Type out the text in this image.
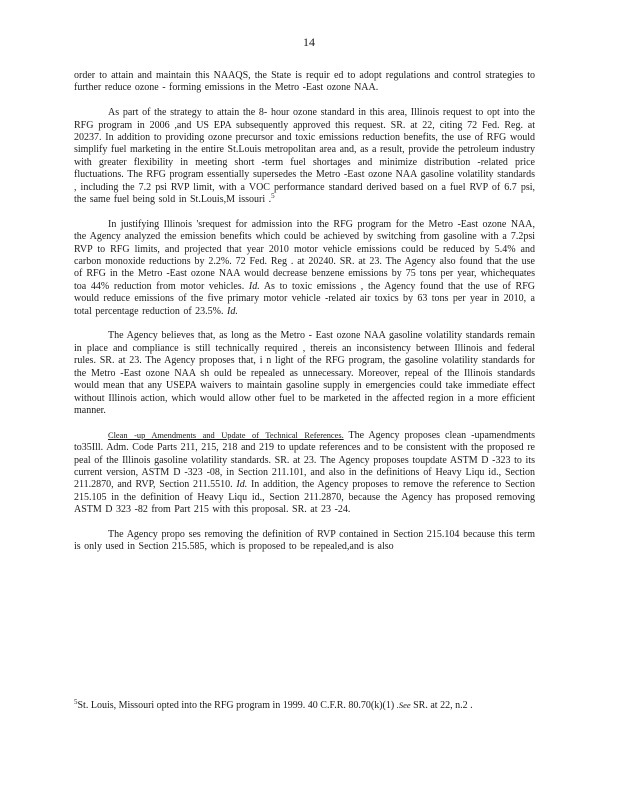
14

order to attain and maintain this NAAQS, the State is requir ed to adopt regulations and control strategies to further reduce ozone - forming emissions in the Metro -East ozone NAA.

As part of the strategy to attain the 8- hour ozone standard in this area, Illinois request to opt into the RFG program in 2006 ,and US EPA subsequently approved this request. SR. at 22, citing 72 Fed. Reg. at 20237. In addition to providing ozone precursor and toxic emissions reduction benefits, the use of RFG would simplify fuel marketing in the entire St.Louis metropolitan area and, as a result, provide the petroleum industry with greater flexibility in meeting short -term fuel shortages and minimize distribution -related price fluctuations. The RFG program essentially supersedes the Metro -East ozone NAA gasoline volatility standards , including the 7.2 psi RVP limit, with a VOC performance standard derived based on a fuel RVP of 6.7 psi, the same fuel being sold in St.Louis,M issouri .$^5$

In justifying Illinois 'srequest for admission into the RFG program for the Metro -East ozone NAA, the Agency analyzed the emission benefits which could be achieved by switching from gasoline with a 7.2psi RVP to RFG limits, and projected that year 2010 motor vehicle emissions could be reduced by 5.4% and carbon monoxide reductions by 2.2%. 72 Fed. Reg . at 20240. SR. at 23. The Agency also found that the use of RFG in the Metro -East ozone NAA would decrease benzene emissions by 75 tons per year, whichequates toa 44% reduction from motor vehicles. Id. As to toxic emissions , the Agency found that the use of RFG would reduce emissions of the five primary motor vehicle -related air toxics by 63 tons per year in 2010, a total percentage reduction of 23.5%. Id.

The Agency believes that, as long as the Metro - East ozone NAA gasoline volatility standards remain in place and compliance is still technically required , thereis an inconsistency between Illinois and federal rules. SR. at 23. The Agency proposes that, i n light of the RFG program, the gasoline volatility standards for the Metro -East ozone NAA sh ould be repealed as unnecessary. Moreover, repeal of the Illinois standards would mean that any USEPA waivers to maintain gasoline supply in emergencies could take immediate effect without Illinois action, which would allow other fuel to be marketed in the affected region in a more efficient manner.

Clean -up Amendments and Update of Technical References. The Agency proposes clean -upamendments to35Ill. Adm. Code Parts 211, 215, 218 and 219 to update references and to be consistent with the proposed re peal of the Illinois gasoline volatility standards. SR. at 23. The Agency proposes toupdate ASTM D -323 to its current version, ASTM D -323 -08, in Section 211.101, and also in the definitions of Heavy Liqu id., Section 211.2870, and RVP, Section 211.5510. Id. In addition, the Agency proposes to remove the reference to Section 215.105 in the definition of Heavy Liqu id., Section 211.2870, because the Agency has proposed removing ASTM D 323 -82 from Part 215 with this proposal. SR. at 23 -24.

The Agency propo ses removing the definition of RVP contained in Section 215.104 because this term is only used in Section 215.585, which is proposed to be repealed,and is also

$^5$St. Louis, Missouri opted into the RFG program in 1999. 40 C.F.R. 80.70(k)(1) .See SR. at 22, n.2 .
